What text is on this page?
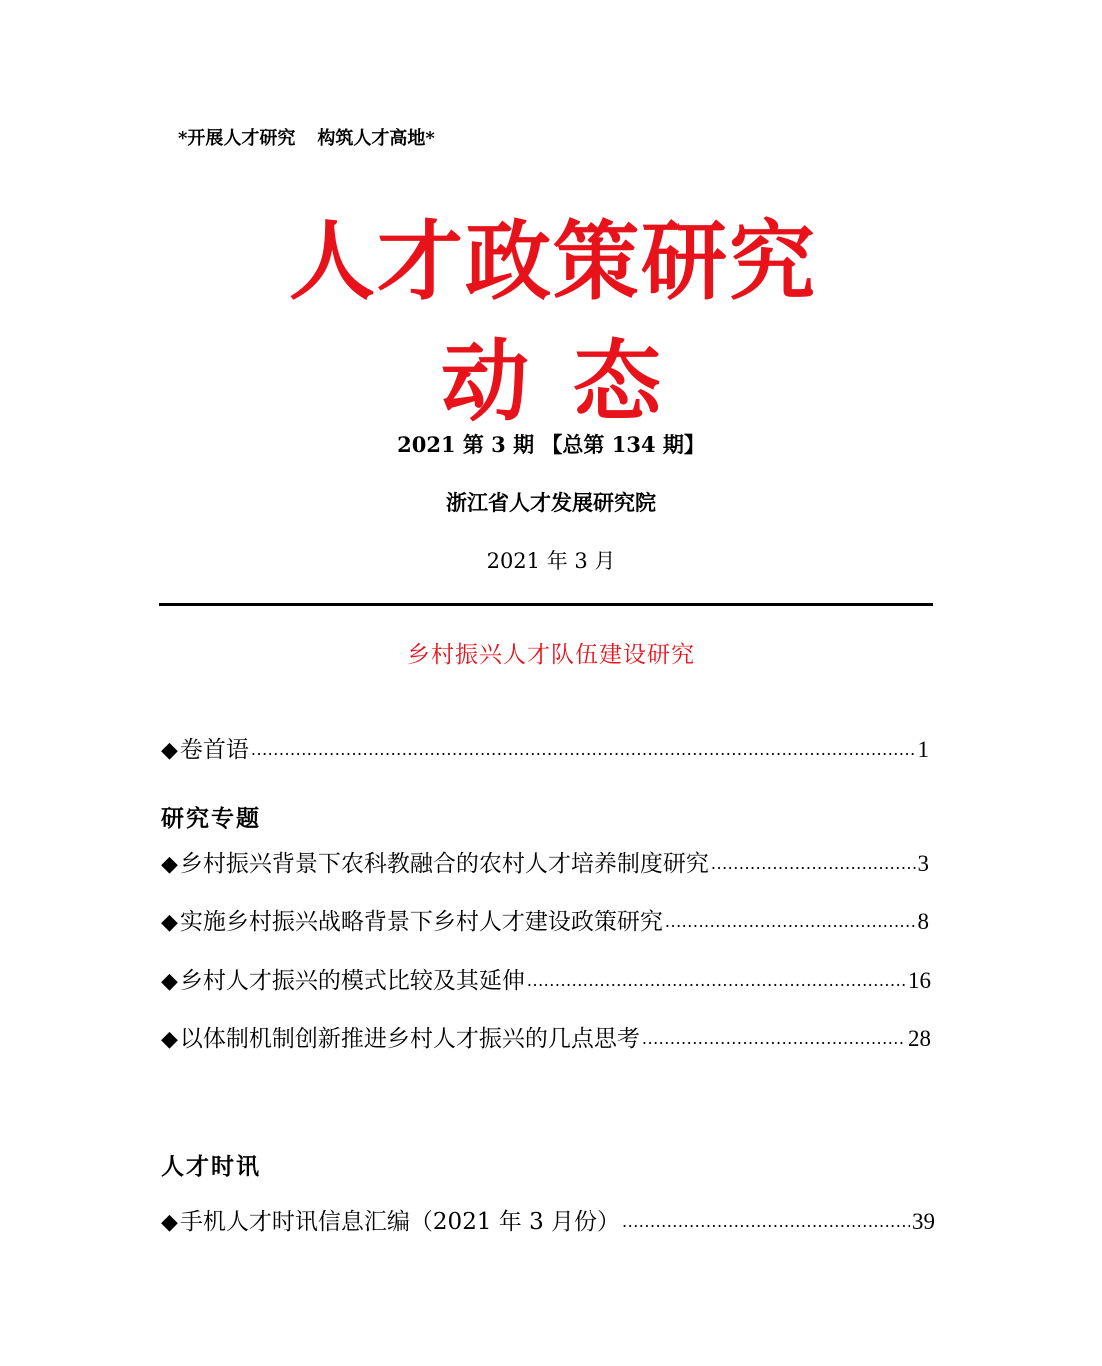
*开展人才研究 构筑人才高地*
人才政策研究
动态
2021 第 3 期 【总第 134 期】
浙江省人才发展研究院
2021 年 3 月
乡村振兴人才队伍建设研究
◆ 卷首语 .....	1
研究专题
◆ 乡村振兴背景下农科教融合的农村人才培养制度研究 .....	3
◆ 实施乡村振兴战略背景下乡村人才建设政策研究 .....	8
◆ 乡村人才振兴的模式比较及其延伸 .....	16
◆ 以体制机制创新推进乡村人才振兴的几点思考 .....	28
人才时讯
◆ 手机人才时讯信息汇编（2021 年 3 月份） .....	39
